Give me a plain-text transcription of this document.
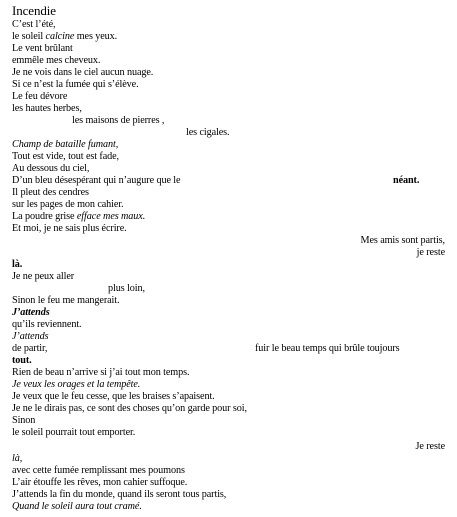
Incendie
C’est l’été,
le soleil calcine mes yeux.
Le vent brûlant
emmêle mes cheveux.
Je ne vois dans le ciel aucun nuage.
Si ce n’est la fumée qui s’élève.
Le feu dévore
les hautes herbes,
les maisons de pierres ,
les cigales.
Champ de bataille fumant,
Tout est vide, tout est fade,
Au dessous du ciel,
D’un bleu désespérant qui n’augure que le	néant.
Il pleut des cendres
sur les pages de mon cahier.
La poudre grise efface mes maux.
Et moi, je ne sais plus écrire.
Mes amis sont partis,
je reste
là.
Je ne peux aller
plus loin,
Sinon le feu me mangerait.
J’attends
qu’ils reviennent.
J’attends
de partir,	fuir le beau temps qui brûle toujours
tout.
Rien de beau n’arrive si j’ai tout mon temps.
Je veux les orages et la tempête.
Je veux que le feu cesse, que les braises s’apaisent.
Je ne le dirais pas, ce sont des choses qu’on garde pour soi,
Sinon
le soleil pourrait tout emporter.
Je reste
là,
avec cette fumée remplissant mes poumons
L’air étouffe les rêves, mon cahier suffoque.
J’attends la fin du monde, quand ils seront tous partis,
Quand le soleil aura tout cramé.
